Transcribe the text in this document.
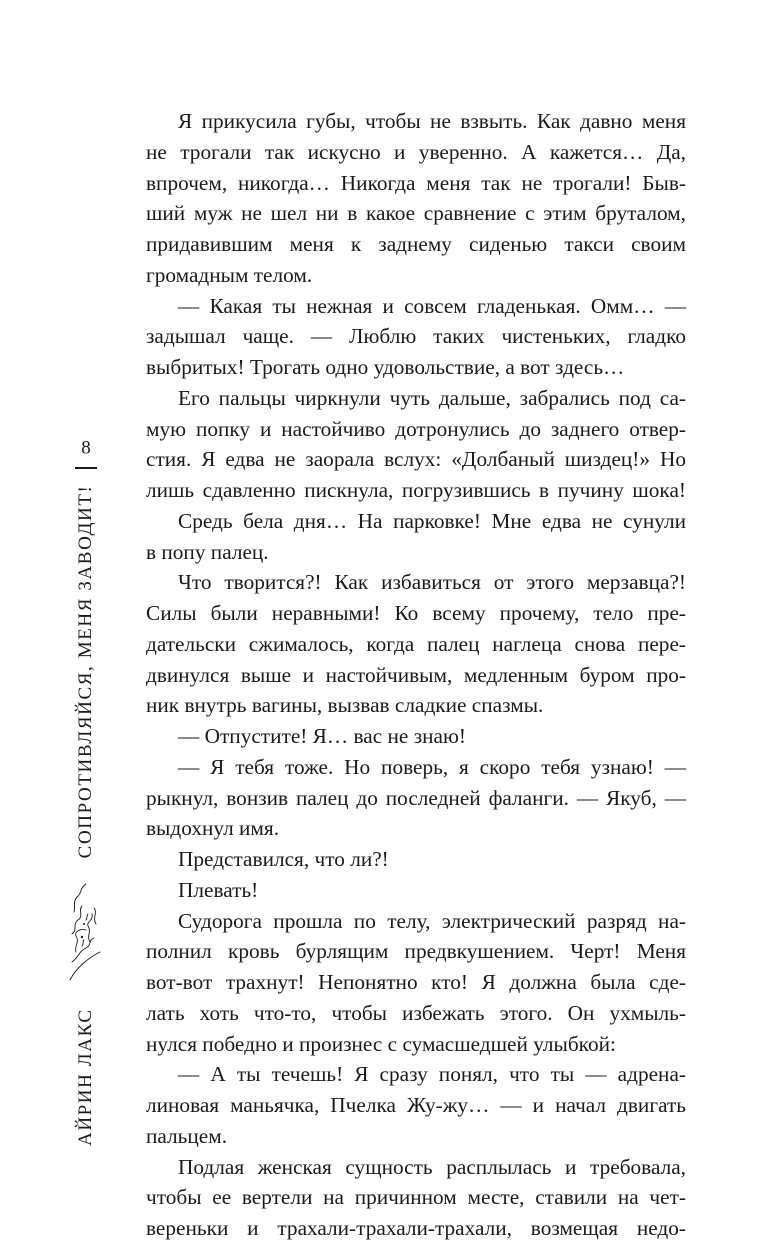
АЙРИН ЛАКС
СОПРОТИВЛЯЙСЯ, МЕНЯ ЗАВОДИТ!
8
Я прикусила губы, чтобы не взвыть. Как давно меня
не трогали так искусно и уверенно. А кажется… Да,
впрочем, никогда… Никогда меня так не трогали! Быв-
ший муж не шел ни в какое сравнение с этим бруталом,
придавившим меня к заднему сиденью такси своим
громадным телом.
— Какая ты нежная и совсем гладенькая. Омм… —
задышал чаще. — Люблю таких чистеньких, гладко
выбритых! Трогать одно удовольствие, а вот здесь…
Его пальцы чиркнули чуть дальше, забрались под са-
мую попку и настойчиво дотронулись до заднего отвер-
стия. Я едва не заорала вслух: «Долбаный шиздец!» Но
лишь сдавленно пискнула, погрузившись в пучину шока!
Средь бела дня… На парковке! Мне едва не сунули
в попу палец.
Что творится?! Как избавиться от этого мерзавца?!
Силы были неравными! Ко всему прочему, тело пре-
дательски сжималось, когда палец наглеца снова пере-
двинулся выше и настойчивым, медленным буром про-
ник внутрь вагины, вызвав сладкие спазмы.
— Отпустите! Я… вас не знаю!
— Я тебя тоже. Но поверь, я скоро тебя узнаю! —
рыкнул, вонзив палец до последней фаланги. — Якуб, —
выдохнул имя.
Представился, что ли?!
Плевать!
Судорога прошла по телу, электрический разряд на-
полнил кровь бурлящим предвкушением. Черт! Меня
вот-вот трахнут! Непонятно кто! Я должна была сде-
лать хоть что-то, чтобы избежать этого. Он ухмыль-
нулся победно и произнес с сумасшедшей улыбкой:
— А ты течешь! Я сразу понял, что ты — адрена-
линовая маньячка, Пчелка Жу-жу… — и начал двигать
пальцем.
Подлая женская сущность расплылась и требовала,
чтобы ее вертели на причинном месте, ставили на чет-
вереньки и трахали-трахали-трахали, возмещая недо-
